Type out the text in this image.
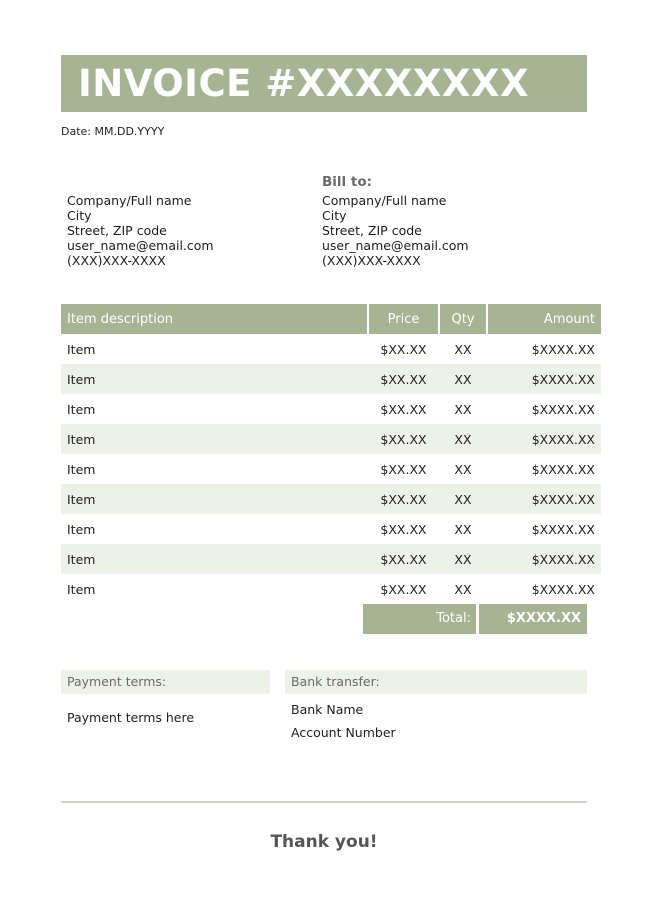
INVOICE #XXXXXXXX
Date: MM.DD.YYYY
Company/Full name
City
Street, ZIP code
user_name@email.com
(XXX)XXX-XXXX
Bill to:
Company/Full name
City
Street, ZIP code
user_name@email.com
(XXX)XXX-XXXX
Item description	Price	Qty	Amount
Item	$XX.XX	XX	$XXXX.XX
Item	$XX.XX	XX	$XXXX.XX
Item	$XX.XX	XX	$XXXX.XX
Item	$XX.XX	XX	$XXXX.XX
Item	$XX.XX	XX	$XXXX.XX
Item	$XX.XX	XX	$XXXX.XX
Item	$XX.XX	XX	$XXXX.XX
Item	$XX.XX	XX	$XXXX.XX
Item	$XX.XX	XX	$XXXX.XX
Total:	$XXXX.XX
Payment terms:
Payment terms here
Bank transfer:
Bank Name
Account Number
Thank you!
